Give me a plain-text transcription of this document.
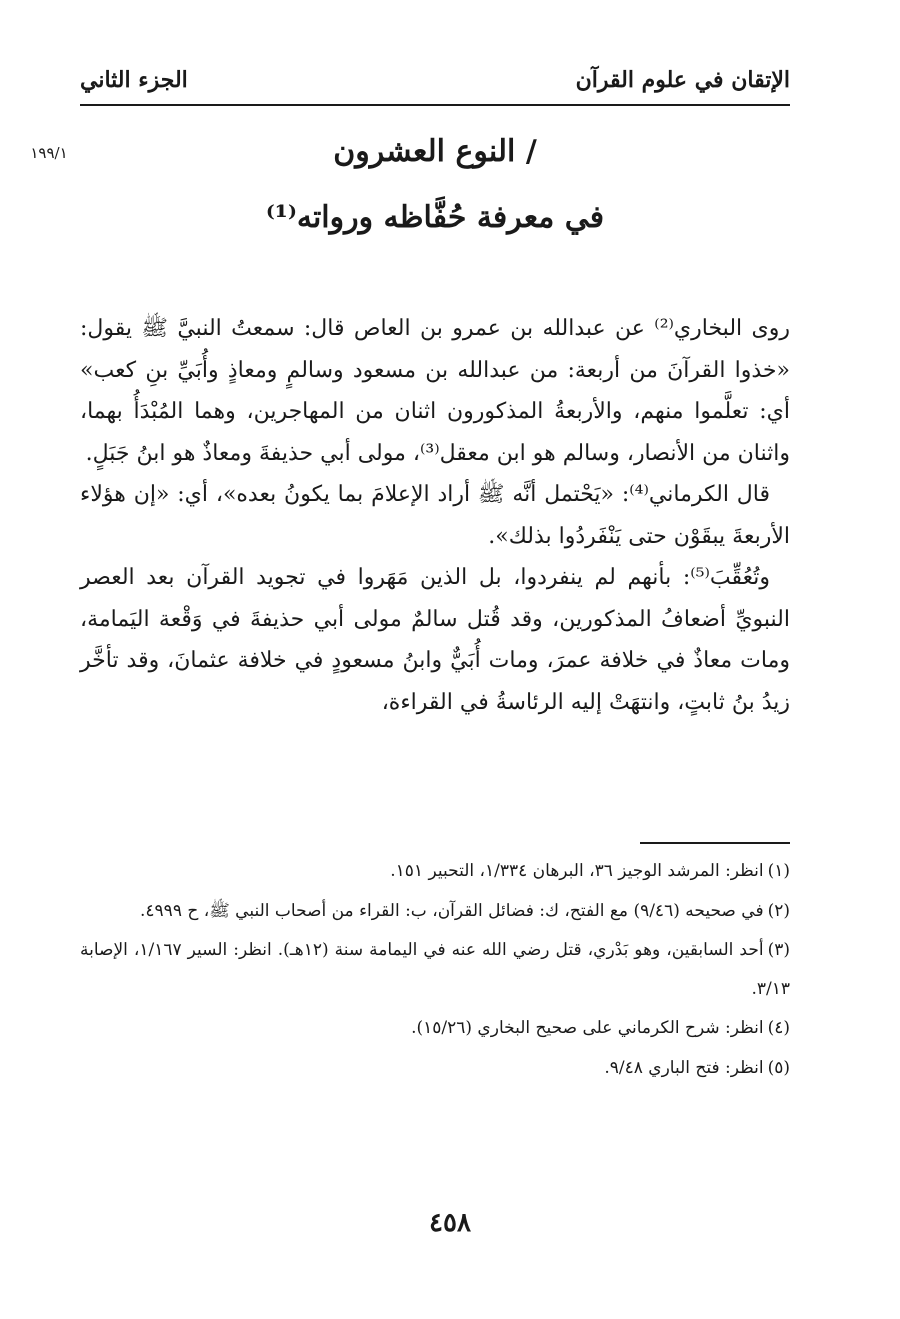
الإتقان في علوم القرآن
الجزء الثاني
١٩٩/١	/ النوع العشرون
في معرفة حُفَّاظه ورواته⁽¹⁾

روى البخاري⁽²⁾ عن عبدالله بن عمرو بن العاص قال: سمعتُ النبيَّ ﷺ يقول: «خذوا القرآنَ من أربعة: من عبدالله بن مسعود وسالمٍ ومعاذٍ وأُبَيِّ بنِ كعب» أي: تعلَّموا منهم، والأربعةُ المذكورون اثنان من المهاجرين، وهما المُبْدَأُ بهما، واثنان من الأنصار، وسالم هو ابن معقل⁽³⁾، مولى أبي حذيفةَ ومعاذٌ هو ابنُ جَبَلٍ.

قال الكرماني⁽⁴⁾: «يَحْتمل أنَّه ﷺ أراد الإعلامَ بما يكونُ بعده»، أي: «إن هؤلاء الأربعةَ يبقَوْن حتى يَنْفَردُوا بذلك».

وتُعُقِّبَ⁽⁵⁾: بأنهم لم ينفردوا، بل الذين مَهَروا في تجويد القرآن بعد العصر النبويِّ أضعافُ المذكورين، وقد قُتل سالمٌ مولى أبي حذيفةَ في وَقْعة اليَمامة، ومات معاذٌ في خلافة عمرَ، ومات أُبَيٌّ وابنُ مسعودٍ في خلافة عثمانَ، وقد تأخَّر زيدُ بنُ ثابتٍ، وانتهَتْ إليه الرئاسةُ في القراءة،

(١)انظر: المرشد الوجيز ٣٦، البرهان ١/٣٣٤، التحبير ١٥١.

(٢)في صحيحه (٩/٤٦) مع الفتح، ك: فضائل القرآن، ب: القراء من أصحاب النبي ﷺ، ح ٤٩٩٩.

(٣)أحد السابقين، وهو بَدْري، قتل رضي الله عنه في اليمامة سنة (١٢هـ). انظر: السير ١/١٦٧، الإصابة ٣/١٣.

(٤)انظر: شرح الكرماني على صحيح البخاري (١٥/٢٦).

(٥)انظر: فتح الباري ٩/٤٨.

٤٥٨
